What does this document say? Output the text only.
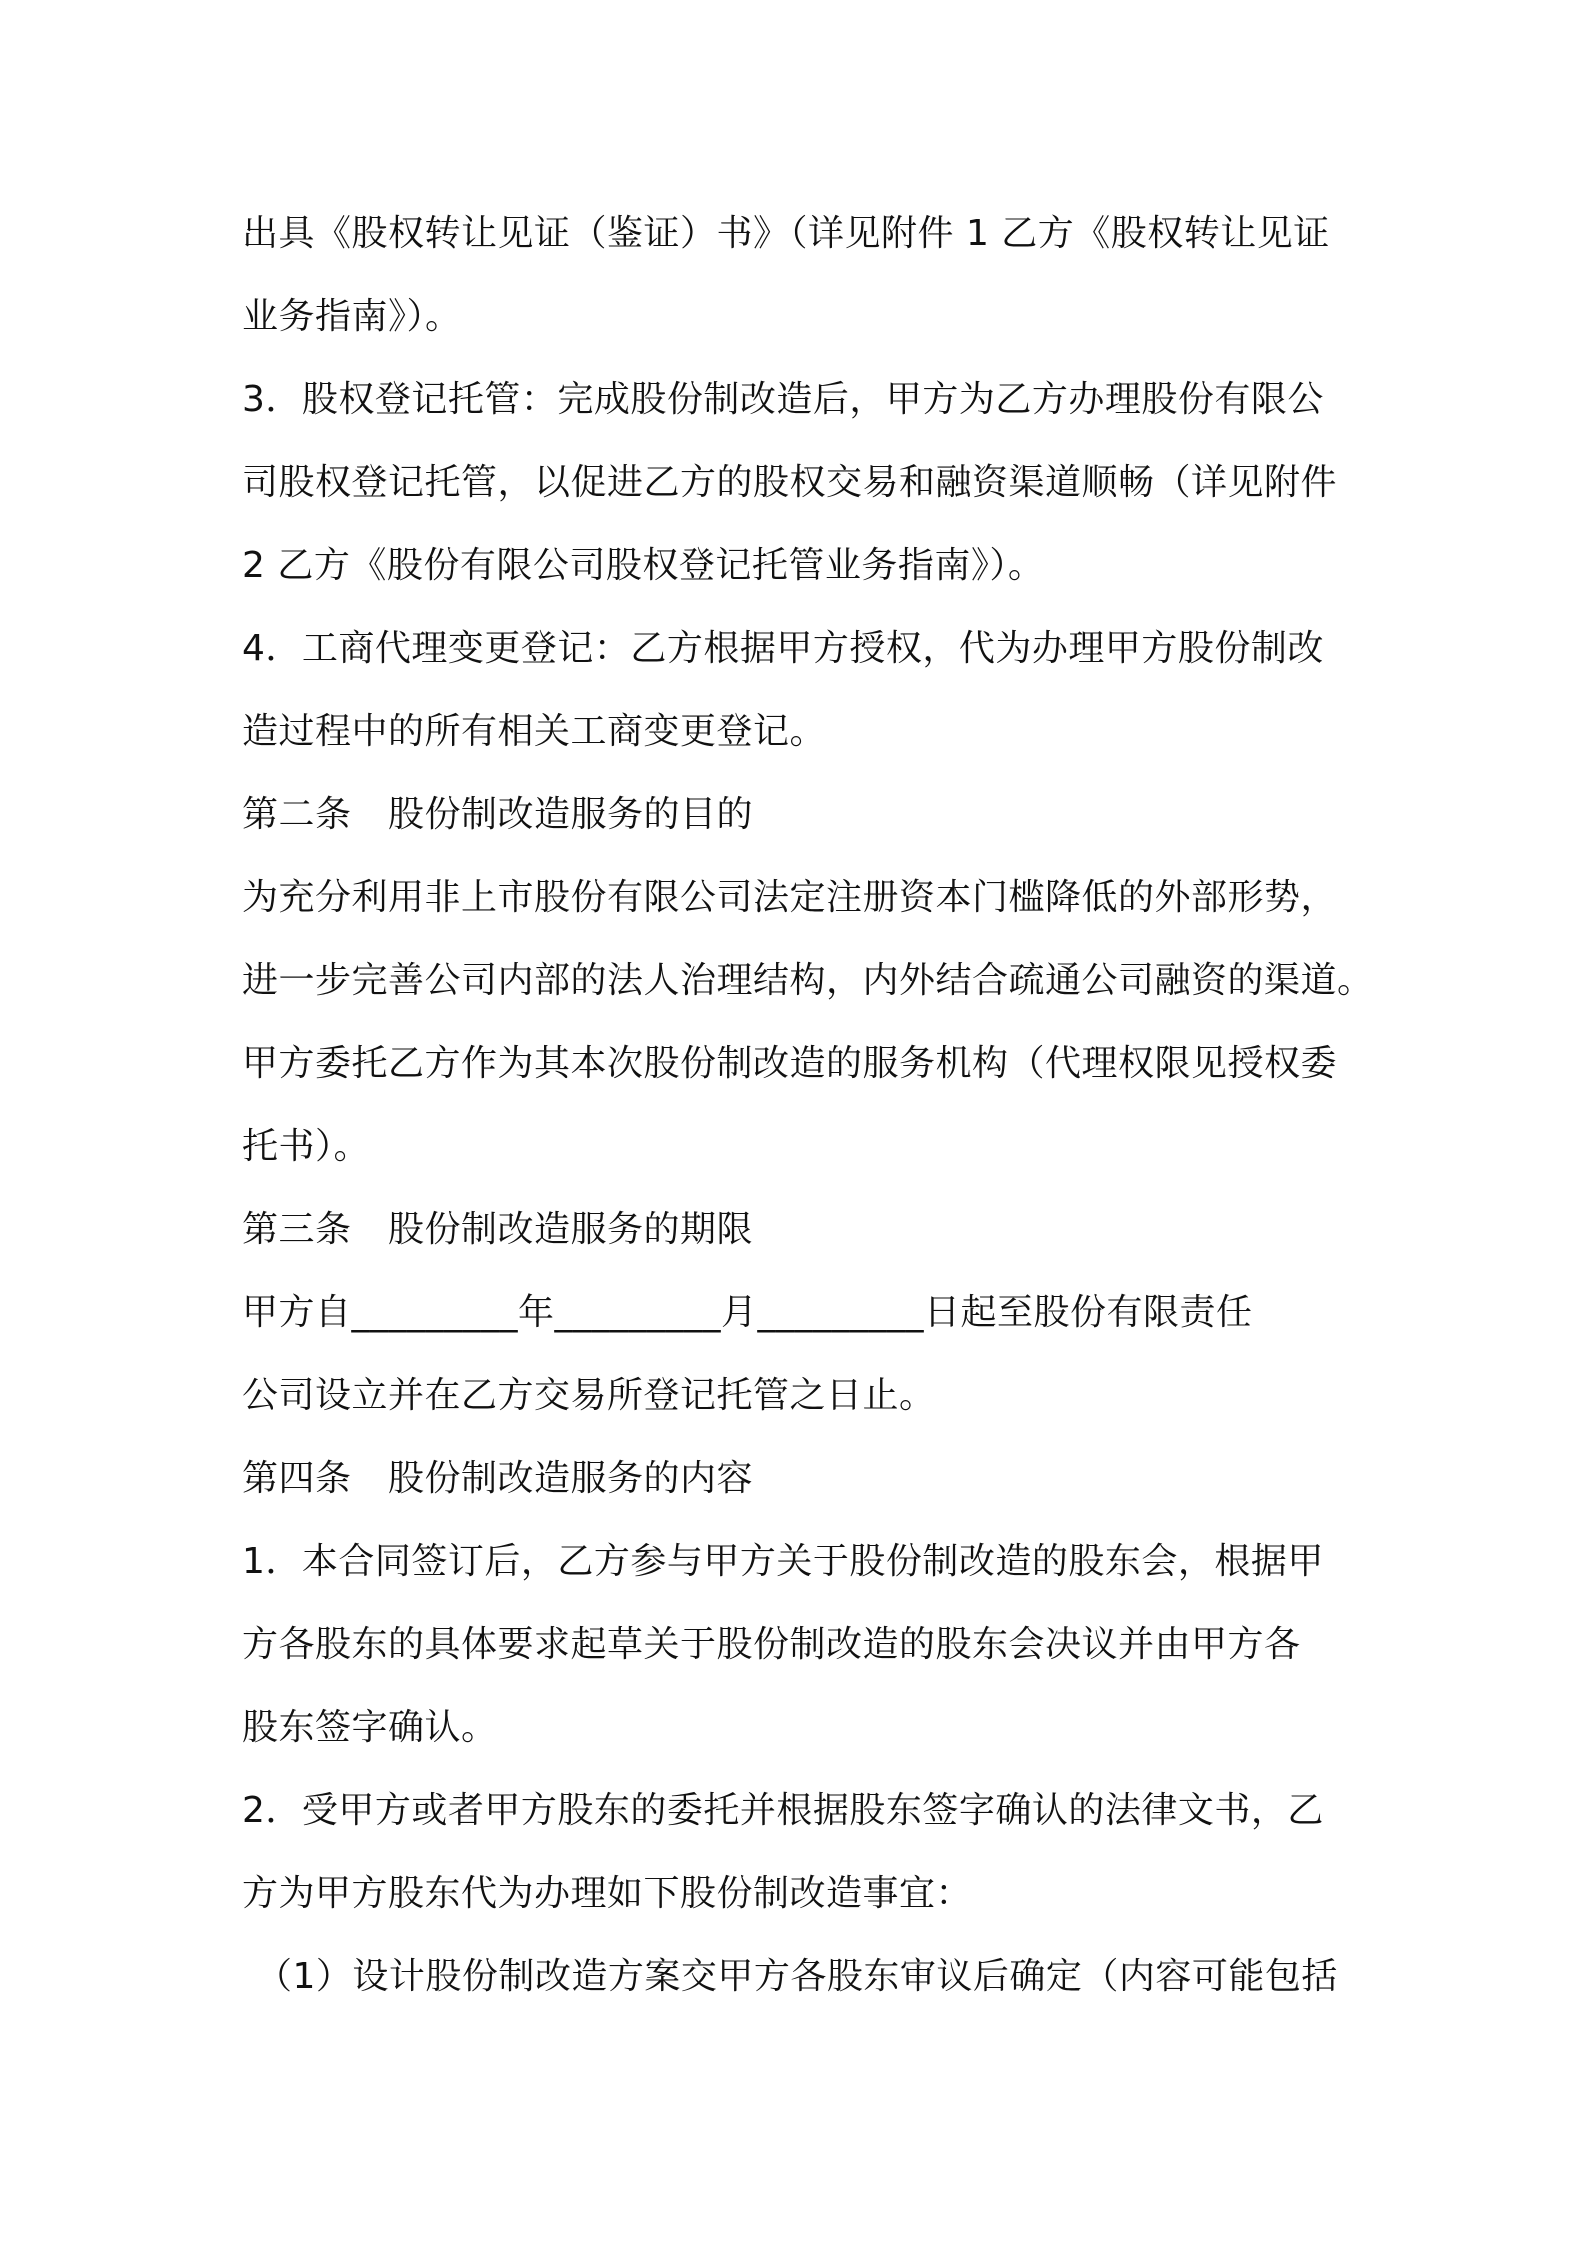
出具《股权转让见证（鉴证）书》（详见附件 1 乙方《股权转让见证
业务指南》）。
3．股权登记托管：完成股份制改造后，甲方为乙方办理股份有限公
司股权登记托管，以促进乙方的股权交易和融资渠道顺畅（详见附件
2 乙方《股份有限公司股权登记托管业务指南》）。
4．工商代理变更登记：乙方根据甲方授权，代为办理甲方股份制改
造过程中的所有相关工商变更登记。
第二条　股份制改造服务的目的
为充分利用非上市股份有限公司法定注册资本门槛降低的外部形势，
进一步完善公司内部的法人治理结构，内外结合疏通公司融资的渠道。
甲方委托乙方作为其本次股份制改造的服务机构（代理权限见授权委
托书）。
第三条　股份制改造服务的期限
甲方自_________年_________月_________日起至股份有限责任
公司设立并在乙方交易所登记托管之日止。
第四条　股份制改造服务的内容
1．本合同签订后，乙方参与甲方关于股份制改造的股东会，根据甲
方各股东的具体要求起草关于股份制改造的股东会决议并由甲方各
股东签字确认。
2．受甲方或者甲方股东的委托并根据股东签字确认的法律文书，乙
方为甲方股东代为办理如下股份制改造事宜：
（1）设计股份制改造方案交甲方各股东审议后确定（内容可能包括
